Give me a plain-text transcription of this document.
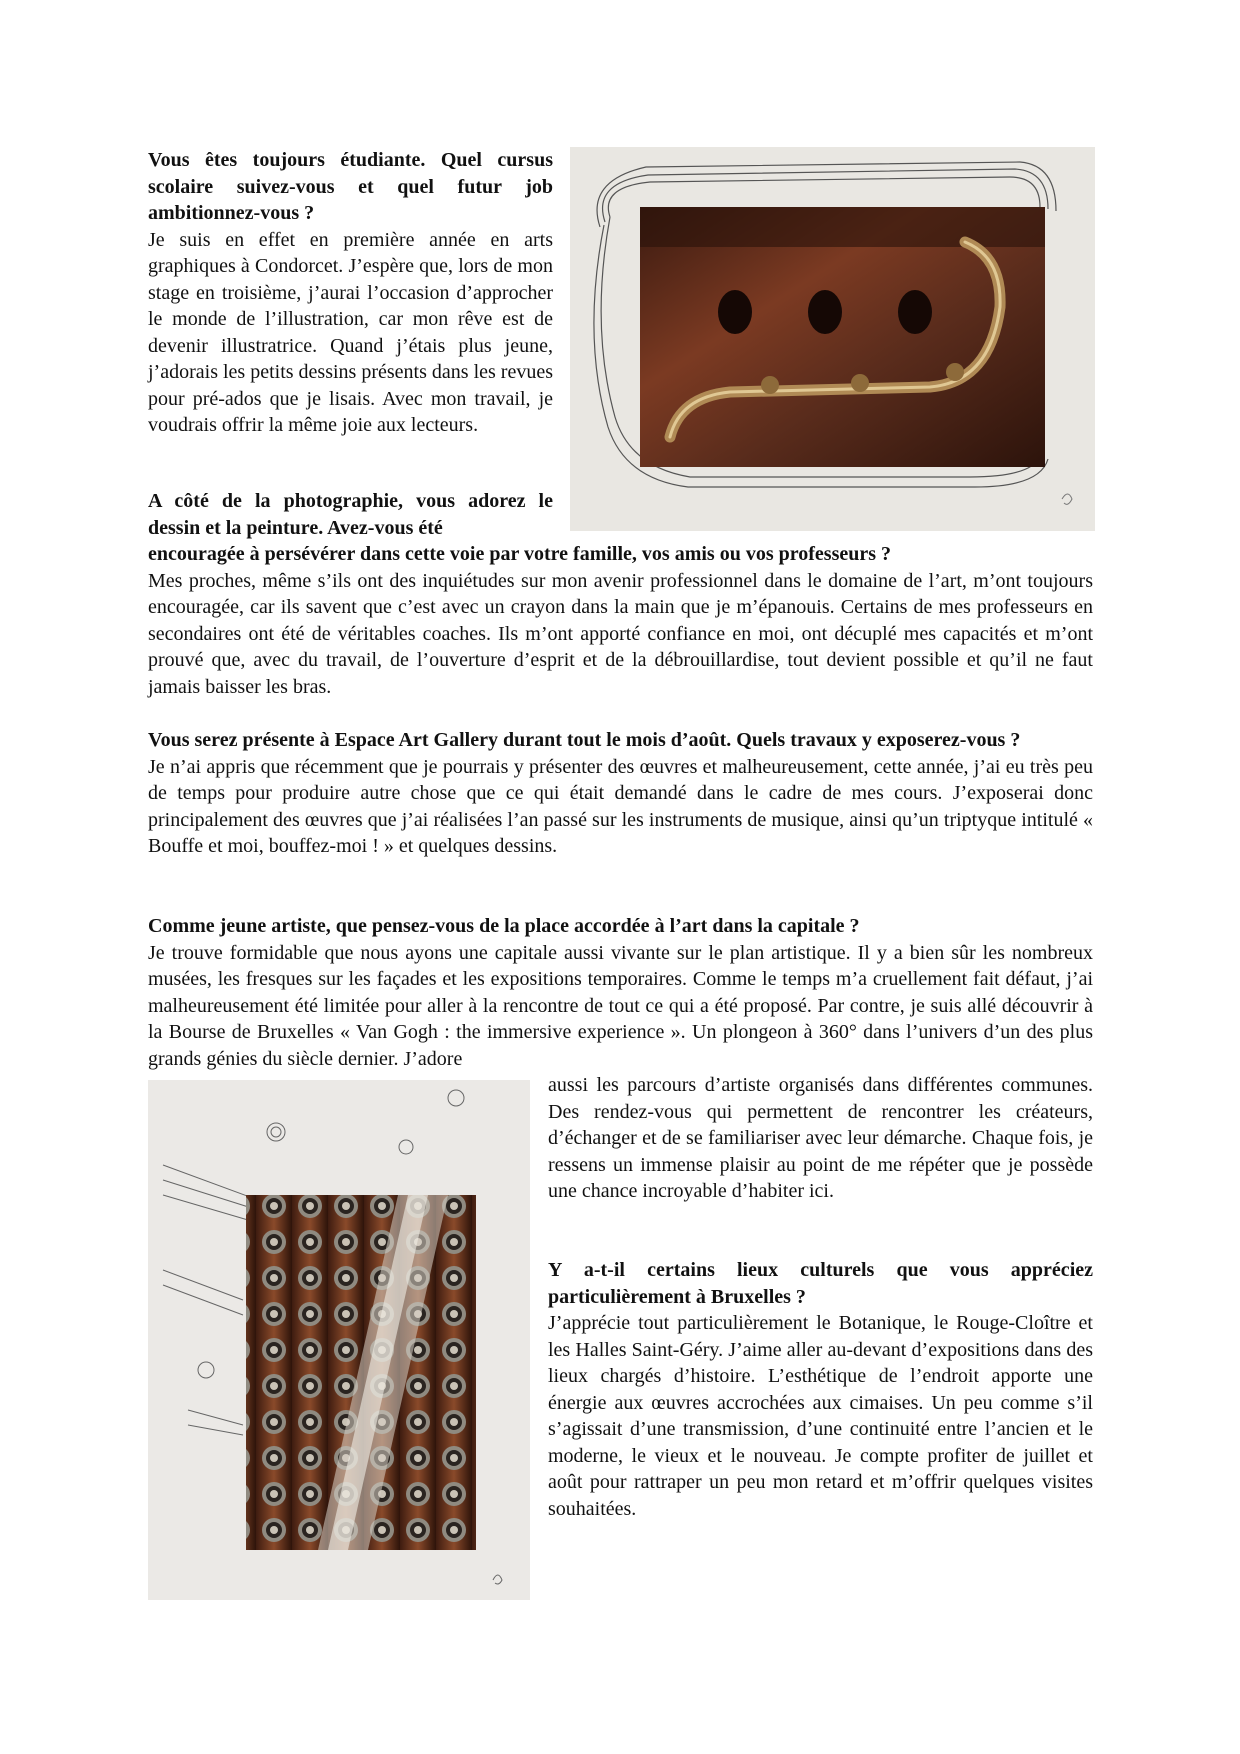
Vous êtes toujours étudiante. Quel cursus scolaire suivez-vous et quel futur job ambitionnez-vous ?

Je suis en effet en première année en arts graphiques à Condorcet. J’espère que, lors de mon stage en troisième, j’aurai l’occasion d’approcher le monde de l’illustration, car mon rêve est de devenir illustratrice. Quand j’étais plus jeune, j’adorais les petits dessins présents dans les revues pour pré-ados que je lisais. Avec mon travail, je voudrais offrir la même joie aux lecteurs.

A côté de la photographie, vous adorez le dessin et la peinture. Avez-vous été

encouragée à persévérer dans cette voie par votre famille, vos amis ou vos professeurs ?

Mes proches, même s’ils ont des inquiétudes sur mon avenir professionnel dans le domaine de l’art, m’ont toujours encouragée, car ils savent que c’est avec un crayon dans la main que je m’épanouis. Certains de mes professeurs en secondaires ont été de véritables coaches. Ils m’ont apporté confiance en moi, ont décuplé mes capacités et m’ont prouvé que, avec du travail, de l’ouverture d’esprit et de la débrouillardise, tout devient possible et qu’il ne faut jamais baisser les bras.

Vous serez présente à Espace Art Gallery durant tout le mois d’août. Quels travaux y exposerez-vous ?

Je n’ai appris que récemment que je pourrais y présenter des œuvres et malheureusement, cette année, j’ai eu très peu de temps pour produire autre chose que ce qui était demandé dans le cadre de mes cours. J’exposerai donc principalement des œuvres que j’ai réalisées l’an passé sur les instruments de musique, ainsi qu’un triptyque intitulé « Bouffe et moi, bouffez-moi ! » et quelques dessins.

Comme jeune artiste, que pensez-vous de la place accordée à l’art dans la capitale ?

Je trouve formidable que nous ayons une capitale aussi vivante sur le plan artistique. Il y a bien sûr les nombreux musées, les fresques sur les façades et les expositions temporaires. Comme le temps m’a cruellement fait défaut, j’ai malheureusement été limitée pour aller à la rencontre de tout ce qui a été proposé. Par contre, je suis allé découvrir à la Bourse de Bruxelles « Van Gogh : the immersive experience ». Un plongeon à 360° dans l’univers d’un des plus grands génies du siècle dernier. J’adore

aussi les parcours d’artiste organisés dans différentes communes. Des rendez-vous qui permettent de rencontrer les créateurs, d’échanger et de se familiariser avec leur démarche. Chaque fois, je ressens un immense plaisir au point de me répéter que je possède une chance incroyable d’habiter ici.

Y a-t-il certains lieux culturels que vous appréciez particulièrement à Bruxelles ?

J’apprécie tout particulièrement le Botanique, le Rouge-Cloître et les Halles Saint-Géry. J’aime aller au-devant d’expositions dans des lieux chargés d’histoire. L’esthétique de l’endroit apporte une énergie aux œuvres accrochées aux cimaises. Un peu comme s’il s’agissait d’une transmission, d’une continuité entre l’ancien et le moderne, le vieux et le nouveau. Je compte profiter de juillet et août pour rattraper un peu mon retard et m’offrir quelques visites souhaitées.
